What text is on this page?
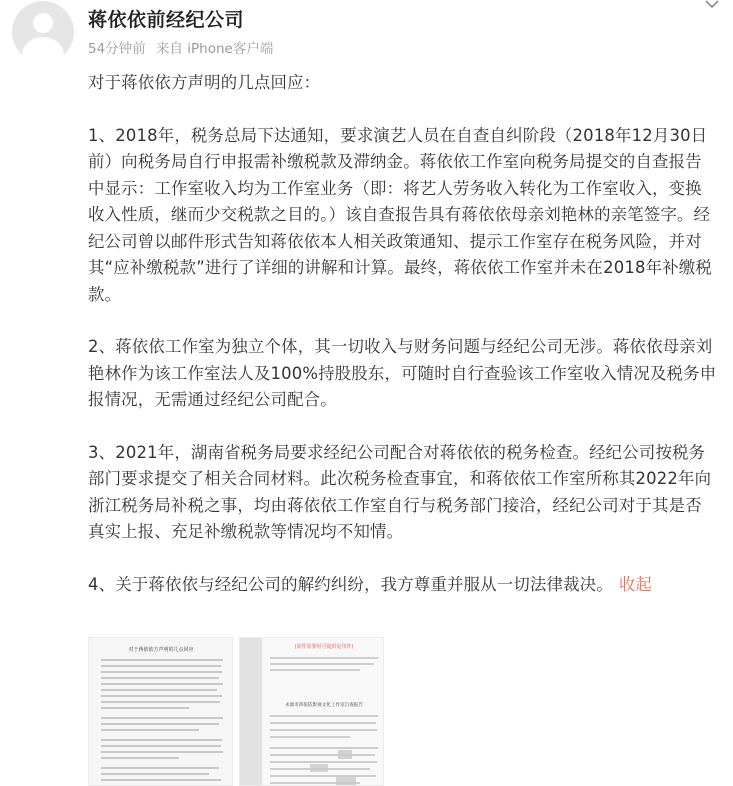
蒋依依前经纪公司
54分钟前 来自 iPhone客户端

对于蒋依依方声明的几点回应：

1、2018年，税务总局下达通知，要求演艺人员在自查自纠阶段（2018年12月30日前）向税务局自行申报需补缴税款及滞纳金。蒋依依工作室向税务局提交的自查报告中显示：工作室收入均为工作室业务（即：将艺人劳务收入转化为工作室收入，变换收入性质，继而少交税款之目的。）该自查报告具有蒋依依母亲刘艳林的亲笔签字。经纪公司曾以邮件形式告知蒋依依本人相关政策通知、提示工作室存在税务风险，并对其“应补缴税款”进行了详细的讲解和计算。最终，蒋依依工作室并未在2018年补缴税款。

2、蒋依依工作室为独立个体，其一切收入与财务问题与经纪公司无涉。蒋依依母亲刘艳林作为该工作室法人及100%持股股东，可随时自行查验该工作室收入情况及税务申报情况，无需通过经纪公司配合。

3、2021年，湖南省税务局要求经纪公司配合对蒋依依的税务检查。经纪公司按税务部门要求提交了相关合同材料。此次税务检查事宜，和蒋依依工作室所称其2022年向浙江税务局补税之事，均由蒋依依工作室自行与税务部门接洽，经纪公司对于其是否真实上报、充足补缴税款等情况均不知情。

4、关于蒋依依与经纪公司的解约纠纷，我方尊重并服从一切法律裁决。 收起

对于蒋依依方声明的几点回应	(原件需要时可提供复印件)
永康市蒋依依影视文化工作室自查报告
